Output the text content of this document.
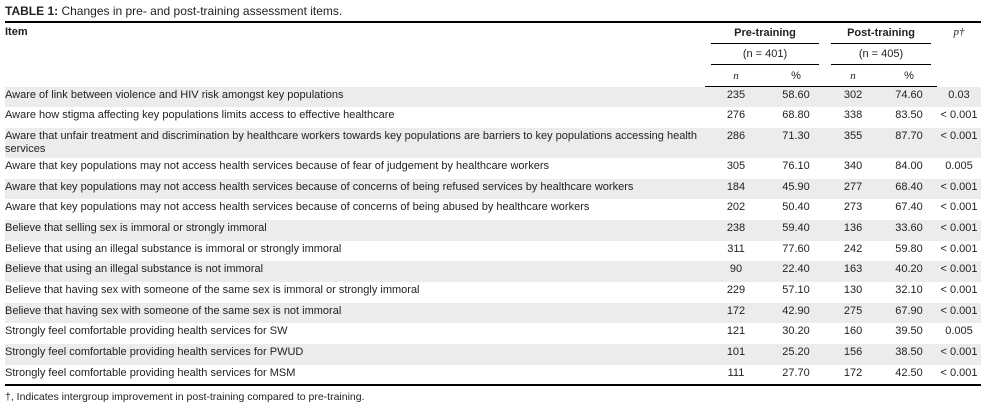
TABLE 1: Changes in pre- and post-training assessment items.
Item	Pre-training		Post-training		p†

	(n = 401)		(n = 405)		

	n	%	n	%	
Aware of link between violence and HIV risk amongst key populations	235	58.60	302	74.60	0.03
Aware how stigma affecting key populations limits access to effective healthcare	276	68.80	338	83.50	< 0.001
Aware that unfair treatment and discrimination by healthcare workers towards key populations are barriers to key populations accessing health services	286	71.30	355	87.70	< 0.001
Aware that key populations may not access health services because of fear of judgement by healthcare workers	305	76.10	340	84.00	0.005
Aware that key populations may not access health services because of concerns of being refused services by healthcare workers	184	45.90	277	68.40	< 0.001
Aware that key populations may not access health services because of concerns of being abused by healthcare workers	202	50.40	273	67.40	< 0.001
Believe that selling sex is immoral or strongly immoral	238	59.40	136	33.60	< 0.001
Believe that using an illegal substance is immoral or strongly immoral	311	77.60	242	59.80	< 0.001
Believe that using an illegal substance is not immoral	90	22.40	163	40.20	< 0.001
Believe that having sex with someone of the same sex is immoral or strongly immoral	229	57.10	130	32.10	< 0.001
Believe that having sex with someone of the same sex is not immoral	172	42.90	275	67.90	< 0.001
Strongly feel comfortable providing health services for SW	121	30.20	160	39.50	0.005
Strongly feel comfortable providing health services for PWUD	101	25.20	156	38.50	< 0.001
Strongly feel comfortable providing health services for MSM	111	27.70	172	42.50	< 0.001
†, Indicates intergroup improvement in post-training compared to pre-training.
